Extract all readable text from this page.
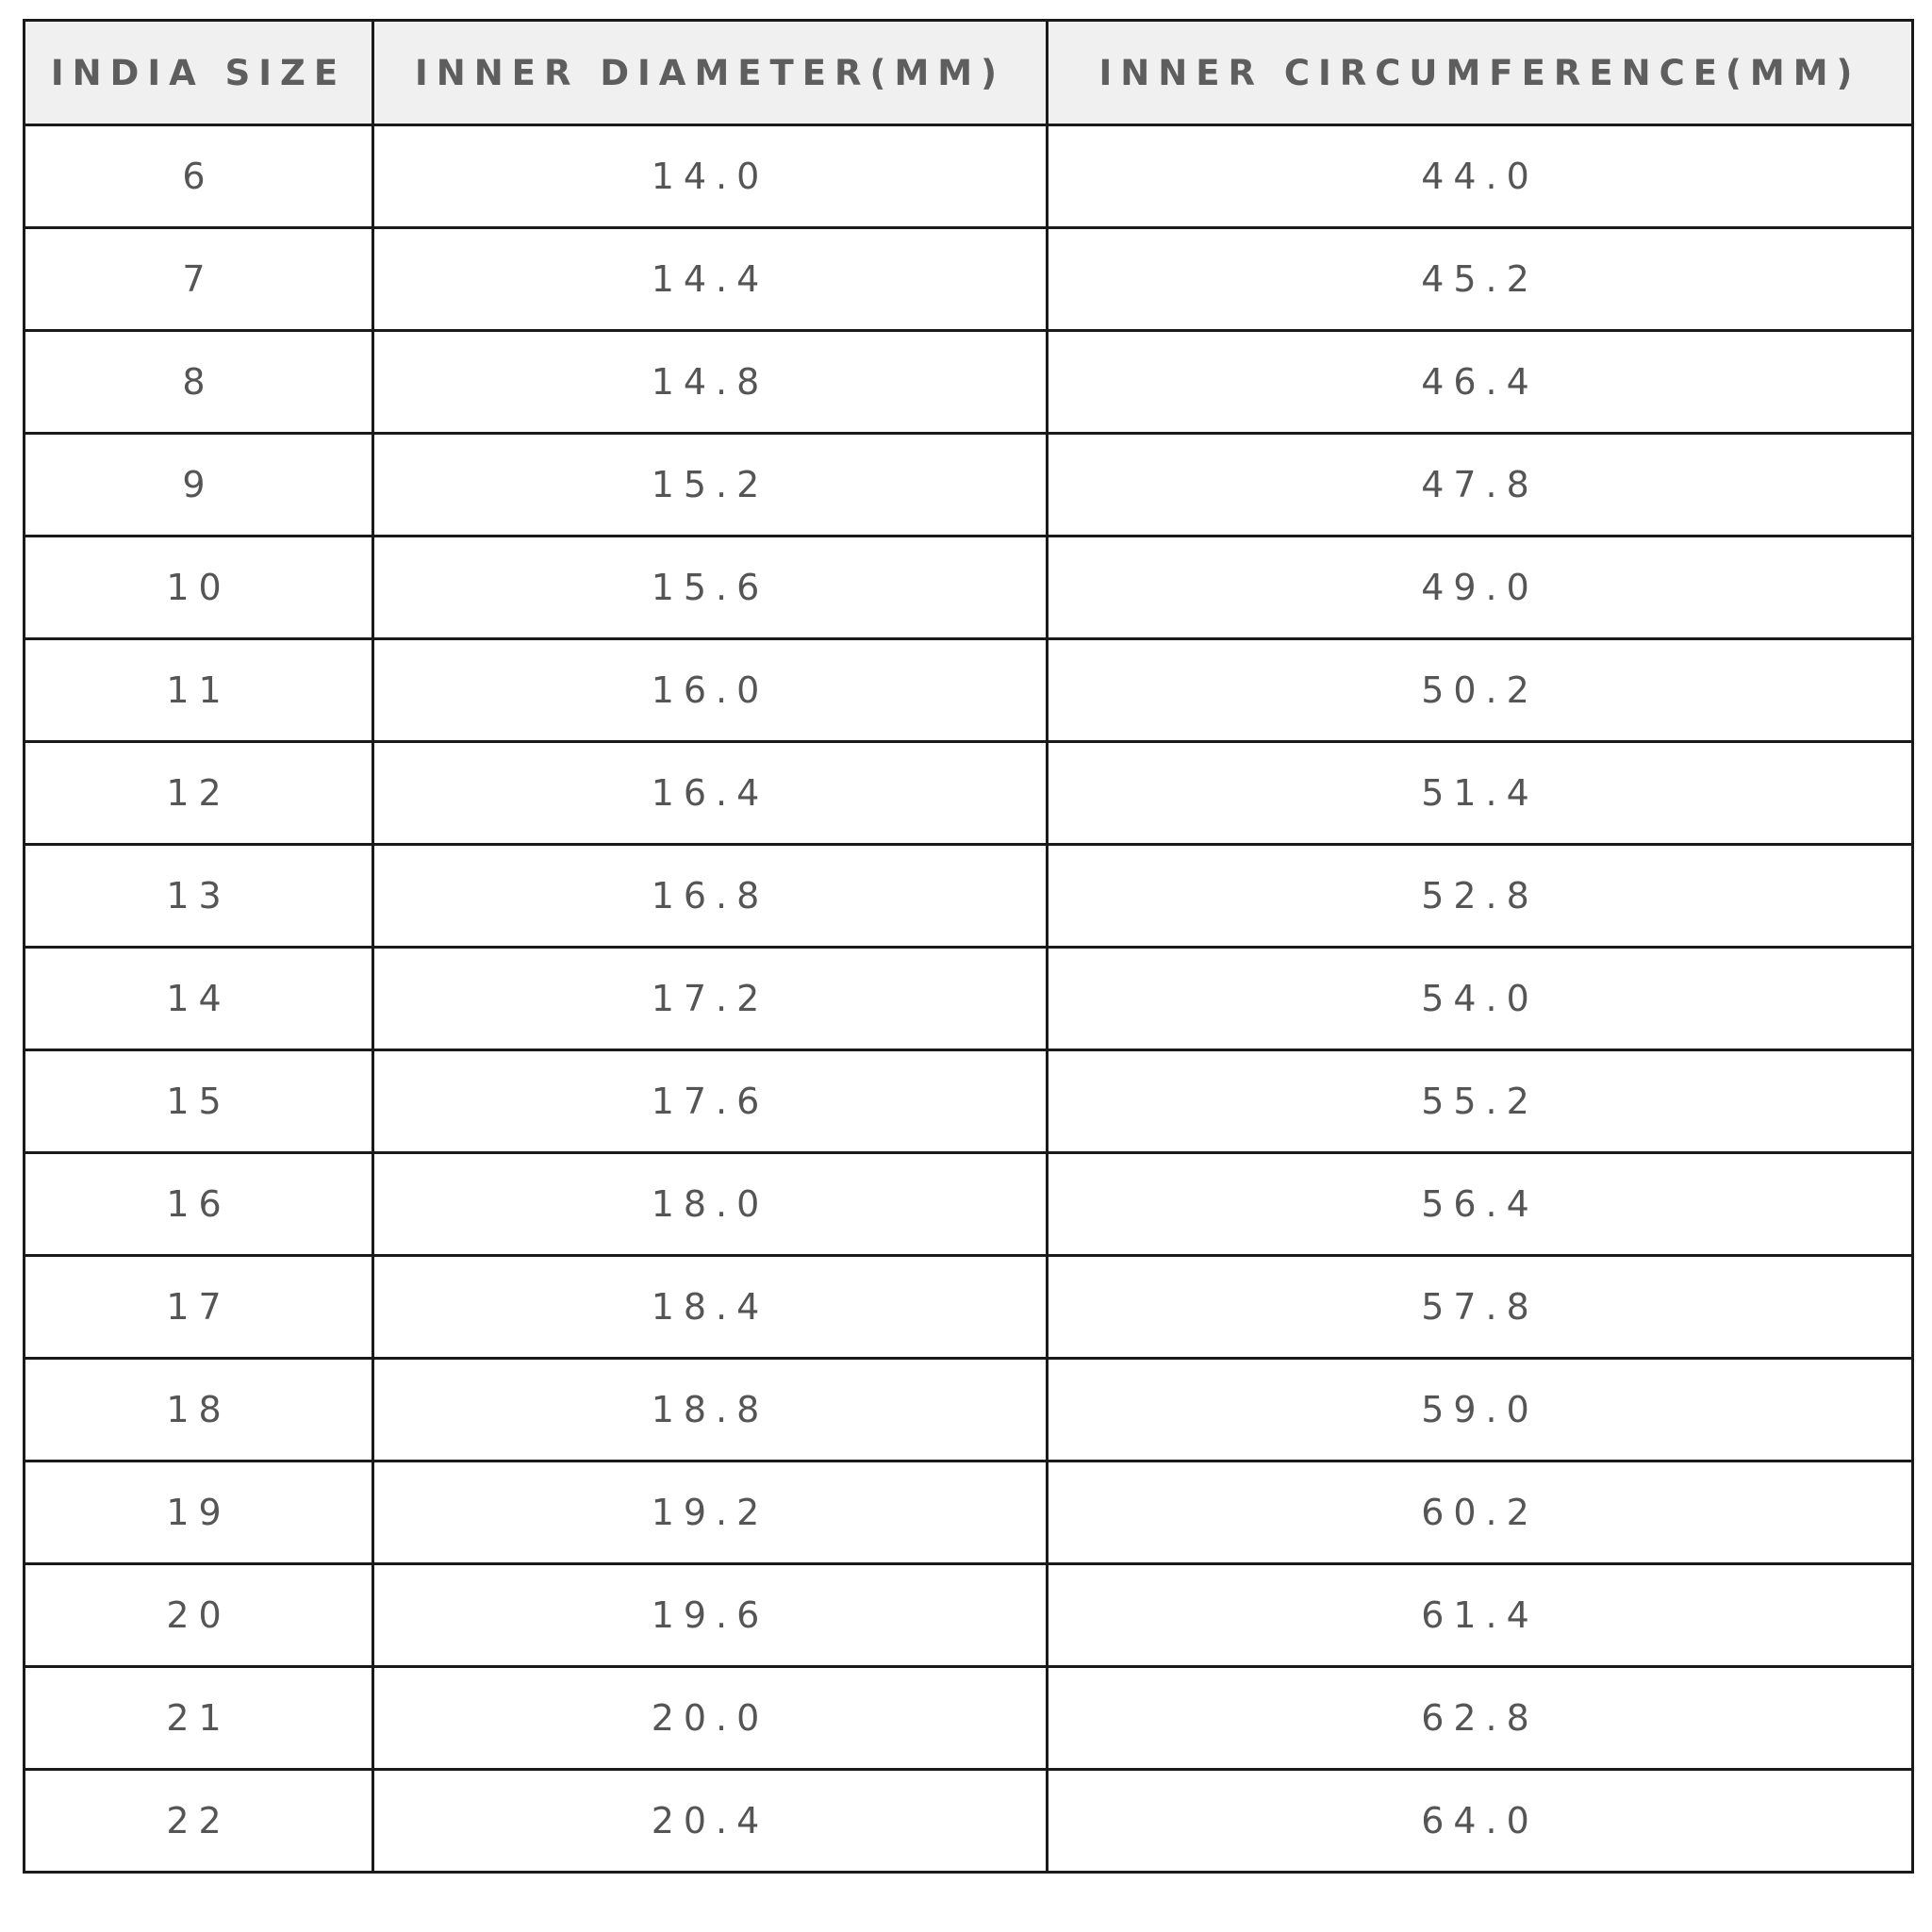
INDIA SIZE	INNER DIAMETER(MM)	INNER CIRCUMFERENCE(MM)
6	14.0	44.0
7	14.4	45.2
8	14.8	46.4
9	15.2	47.8
10	15.6	49.0
11	16.0	50.2
12	16.4	51.4
13	16.8	52.8
14	17.2	54.0
15	17.6	55.2
16	18.0	56.4
17	18.4	57.8
18	18.8	59.0
19	19.2	60.2
20	19.6	61.4
21	20.0	62.8
22	20.4	64.0
